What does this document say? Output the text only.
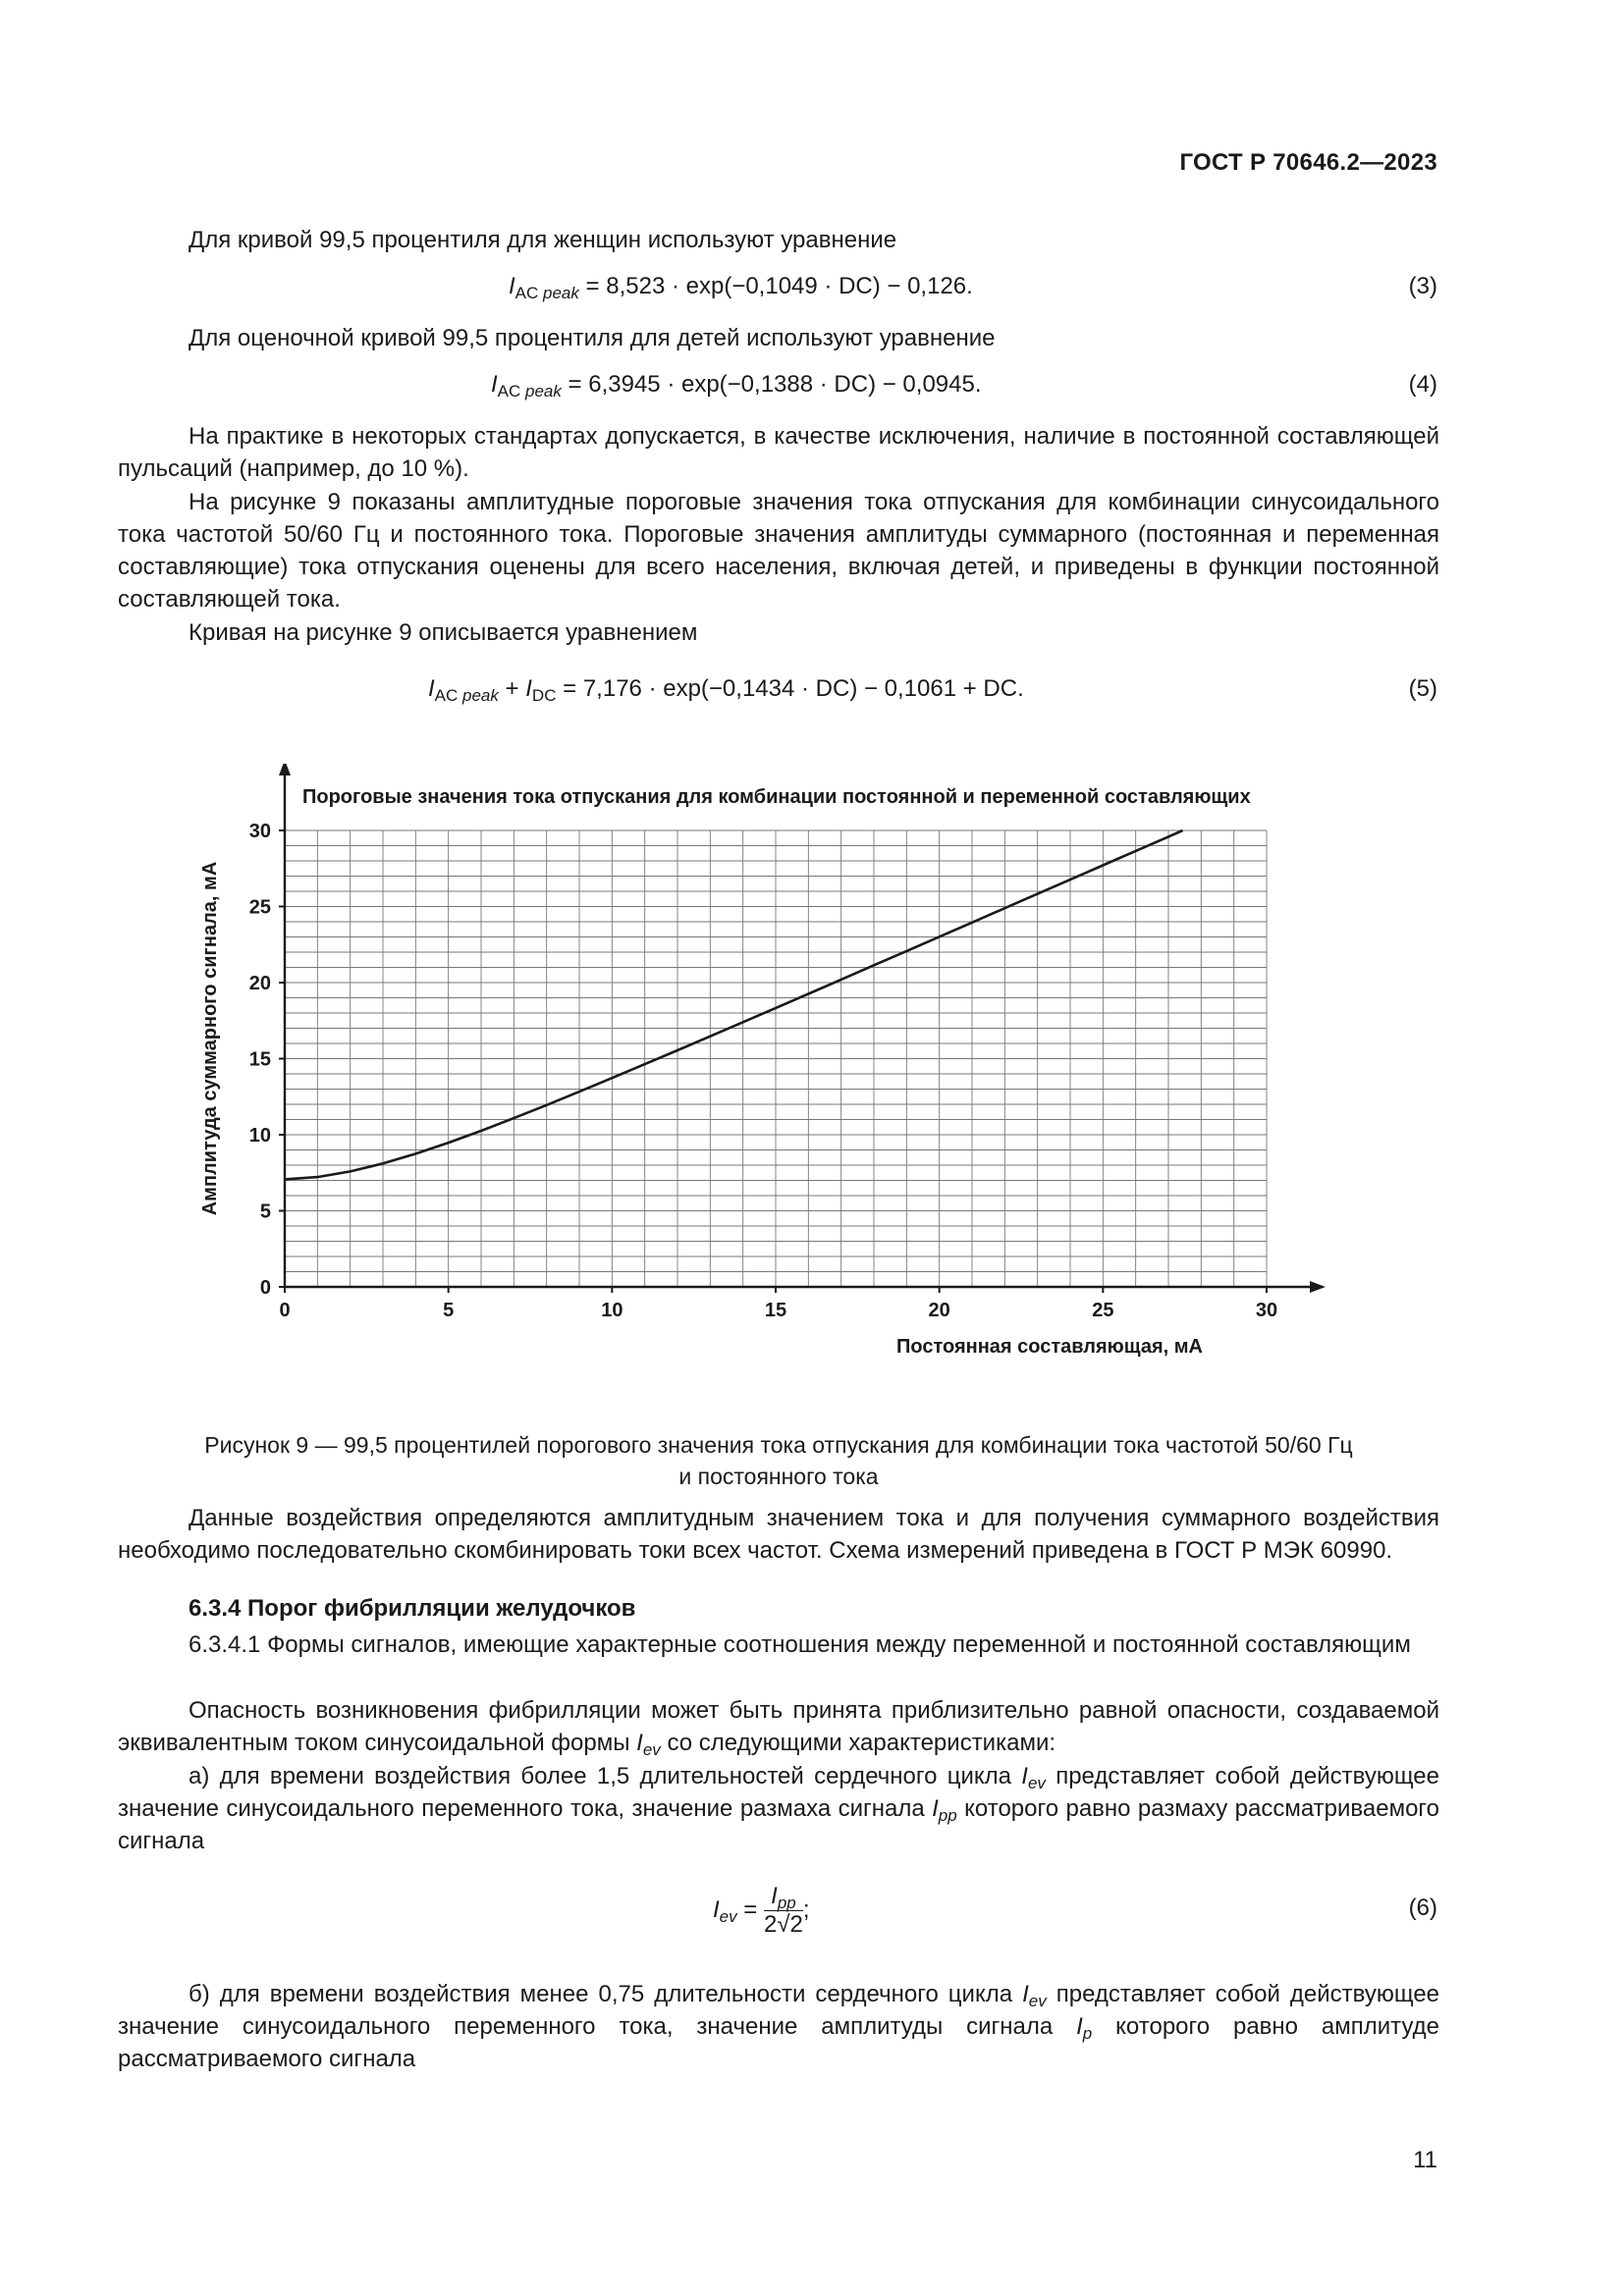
ГОСТ Р 70646.2—2023
Для кривой 99,5 процентиля для женщин используют уравнение
$I_{AC peak} = 8,523 \cdot \exp(-0,1049 \cdot DC) - 0,126$.	(3)
Для оценочной кривой 99,5 процентиля для детей используют уравнение
$I_{AC peak} = 6,3945 \cdot \exp(-0,1388 \cdot DC) - 0,0945$.	(4)
На практике в некоторых стандартах допускается, в качестве исключения, наличие в постоянной составляющей пульсаций (например, до 10 %).
На рисунке 9 показаны амплитудные пороговые значения тока отпускания для комбинации синусоидального тока частотой 50/60 Гц и постоянного тока. Пороговые значения амплитуды суммарного (постоянная и переменная составляющие) тока отпускания оценены для всего населения, включая детей, и приведены в функции постоянной составляющей тока.
Кривая на рисунке 9 описывается уравнением
$I_{AC peak} + I_{DC} = 7,176 \cdot \exp(-0,1434 \cdot DC) - 0,1061$ + DC.	(5)
0	5	10	15	20	25	30
0
5
10
15
20
25
30
Пороговые значения тока отпускания для комбинации постоянной и переменной составляющих
Постоянная составляющая, мА
Амплитуда суммарного сигнала, мА
Рисунок 9 — 99,5 процентилей порогового значения тока отпускания для комбинации тока частотой 50/60 Гц
и постоянного тока
Данные воздействия определяются амплитудным значением тока и для получения суммарного воздействия необходимо последовательно скомбинировать токи всех частот. Схема измерений приведена в ГОСТ Р МЭК 60990.
6.3.4 Порог фибрилляции желудочков
6.3.4.1 Формы сигналов, имеющие характерные соотношения между переменной и постоянной составляющим
Опасность возникновения фибрилляции может быть принята приблизительно равной опасности, создаваемой эквивалентным током синусоидальной формы $I_{ev}$ со следующими характеристиками:
а) для времени воздействия более 1,5 длительностей сердечного цикла $I_{ev}$ представляет собой действующее значение синусоидального переменного тока, значение размаха сигнала $I_{pp}$ которого равно размаху рассматриваемого сигнала
$I_{ev} = \frac{I_{pp}}{2√2}$ ;	(6)
б) для времени воздействия менее 0,75 длительности сердечного цикла $I_{ev}$ представляет собой действующее значение синусоидального переменного тока, значение амплитуды сигнала $I_p$ которого равно амплитуде рассматриваемого сигнала
11
